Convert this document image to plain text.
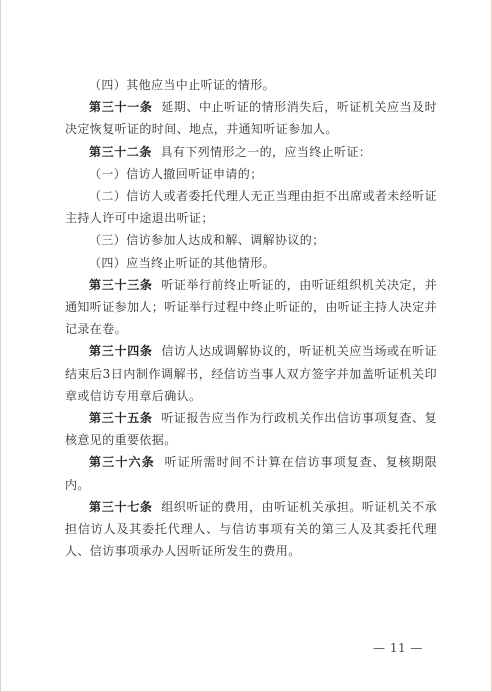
（四）其他应当中止听证的情形。

第三十一条 延期、中止听证的情形消失后，听证机关应当及时决定恢复听证的时间、地点，并通知听证参加人。

第三十二条 具有下列情形之一的，应当终止听证：

（一）信访人撤回听证申请的；

（二）信访人或者委托代理人无正当理由拒不出席或者未经听证主持人许可中途退出听证；

（三）信访参加人达成和解、调解协议的；

（四）应当终止听证的其他情形。

第三十三条 听证举行前终止听证的，由听证组织机关决定，并通知听证参加人；听证举行过程中终止听证的，由听证主持人决定并记录在卷。

第三十四条 信访人达成调解协议的，听证机关应当场或在听证结束后3日内制作调解书，经信访当事人双方签字并加盖听证机关印章或信访专用章后确认。

第三十五条 听证报告应当作为行政机关作出信访事项复查、复核意见的重要依据。

第三十六条 听证所需时间不计算在信访事项复查、复核期限内。

第三十七条 组织听证的费用，由听证机关承担。听证机关不承担信访人及其委托代理人、与信访事项有关的第三人及其委托代理人、信访事项承办人因听证所发生的费用。

— 11 —
